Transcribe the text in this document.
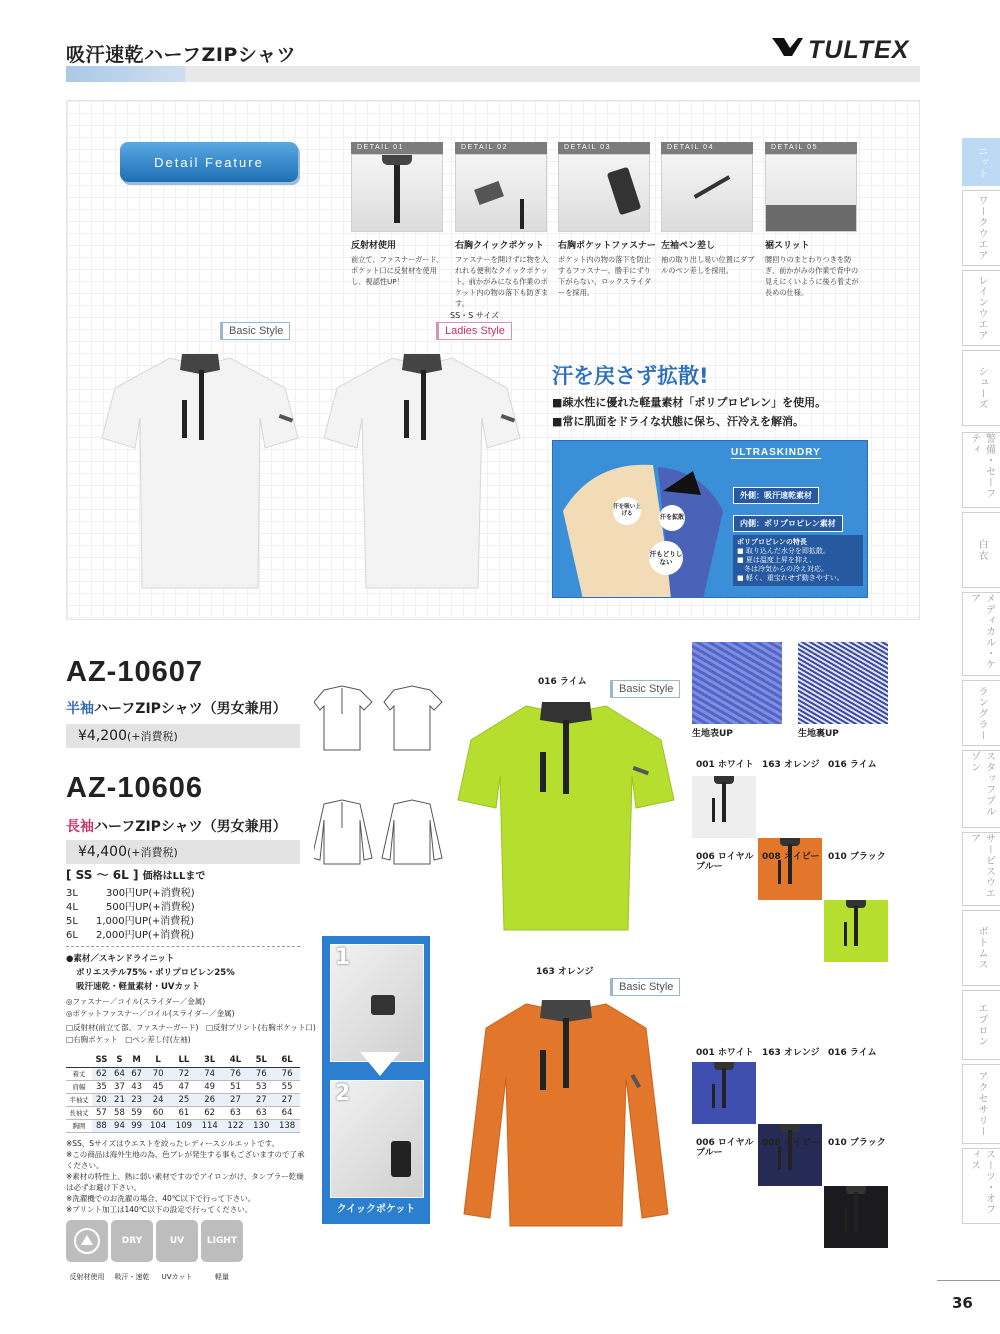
吸汗速乾ハーフZIPシャツ	TULTEX
Detail Feature
DETAIL 01
反射材使用
前立て、ファスナーガード、ポケット口に反射材を使用し、視認性UP！
DETAIL 02
右胸クイックポケット
ファスナーを開けずに物を入れれる便利なクイックポケット。前かがみになる作業のポケット内の物の落下も防ぎます。
DETAIL 03
右胸ポケットファスナー
ポケット内の物の落下を防止するファスナー。勝手にずり下がらない、ロックスライダーを採用。
DETAIL 04
左袖ペン差し
袖の取り出し易い位置にダブルのペン差しを採用。
DETAIL 05
裾スリット
腰回りのまとわりつきを防ぎ、前かがみの作業で背中の見えにくいように後ろ着丈が長めの仕様。
Basic Style
SS・S サイズ
Ladies Style
汗を戻さず拡散!
■疎水性に優れた軽量素材「ポリプロピレン」を使用。
■常に肌面をドライな状態に保ち、汗冷えを解消。
ULTRASKINDRY
汗を吸い上げる	汗を拡散
汗もどりしない
外側：吸汗速乾素材
内側：ポリプロピレン素材
ポリプロピレンの特長
■ 取り込んだ水分を即拡散。
■ 夏は温度上昇を抑え、
　冬は冷気からの冷え対応。
■ 軽く、重宝れせず動きやすい。
AZ-10607
半袖ハーフZIPシャツ（男女兼用）
¥4,200(+消費税)
AZ-10606
長袖ハーフZIPシャツ（男女兼用）
¥4,400(+消費税)
[ SS ～ 6L ] 価格はLLまで
3L	300円UP(+消費税)
4L	500円UP(+消費税)
5L 1,000円UP(+消費税)
6L 2,000円UP(+消費税)
●素材／スキンドライニット
ポリエステル75%・ポリプロピレン25%
吸汗速乾・軽量素材・UVカット
◎ファスナー／コイル(スライダー／金属)
◎ポケットファスナー／コイル(スライダー／金属)
□反射材(前立て部、ファスナーガード)　□反射プリント(右胸ポケット口)
□右胸ポケット　□ペン差し付(左袖)
	SS	S	M	L	LL	3L	4L	5L	6L
着丈	62	64	67	70	72	74	76	76	76
肩幅	35	37	43	45	47	49	51	53	55
半袖丈	20	21	23	24	25	26	27	27	27
長袖丈	57	58	59	60	61	62	63	63	64
胸囲	88	94	99	104	109	114	122	130	138
※SS、Sサイズはウエストを絞ったレディースシルエットです。
※この商品は海外生地の為、色ブレが発生する事もございますので了承ください。
※素材の特性上、熱に弱い素材ですのでアイロンがけ、タンブラー乾燥は必ずお避け下さい。
※洗濯機でのお洗濯の場合、40℃以下で行って下さい。
※プリント加工は140℃以下の設定で行ってください。
DRY	UV	LIGHT
反射材使用 吸汗・速乾 UVカット	軽量
1
2
クイックポケット
016 ライム
Basic Style
163 オレンジ
Basic Style
生地表UP	生地裏UP
001 ホワイト 163 オレンジ 016 ライム
006 ロイヤル
ブルー
008 ネイビー 010 ブラック
001 ホワイト 163 オレンジ 016 ライム
006 ロイヤル
ブルー
008 ネイビー 010 ブラック
ニット
ワークウエア
レインウエア
シューズ
警備・セーフティ
白衣
メディカル・ケア
ラングラー
スタッフブルゾン
サービスウエア
ボトムス
エプロン
アクセサリー
スーツ・オフィス
36
